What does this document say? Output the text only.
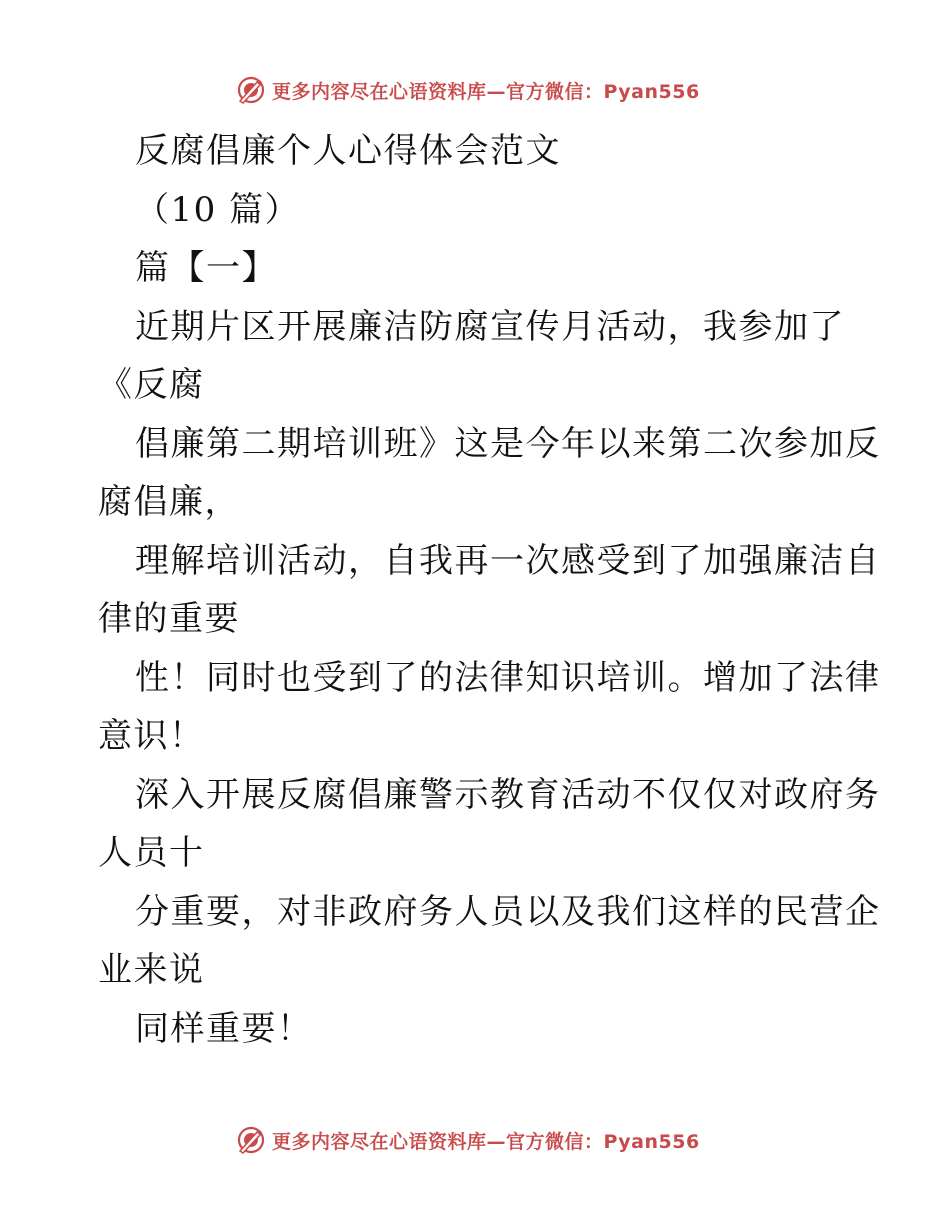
更多内容尽在心语资料库—官方微信：Pyan556
反腐倡廉个人心得体会范文
（10 篇）
篇【一】
近期片区开展廉洁防腐宣传月活动，我参加了
《反腐
倡廉第二期培训班》这是今年以来第二次参加反
腐倡廉，
理解培训活动，自我再一次感受到了加强廉洁自
律的重要
性！同时也受到了的法律知识培训。增加了法律
意识！
深入开展反腐倡廉警示教育活动不仅仅对政府务
人员十
分重要，对非政府务人员以及我们这样的民营企
业来说
同样重要！
更多内容尽在心语资料库—官方微信：Pyan556
